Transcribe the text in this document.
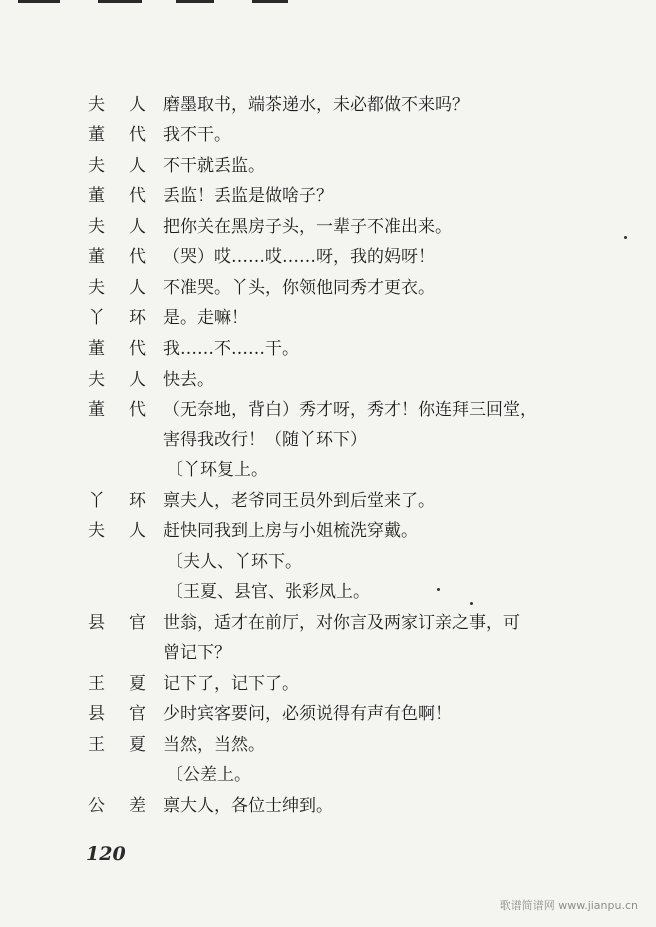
夫 人 磨墨取书，端茶递水，未必都做不来吗？
董 代 我不干。
夫 人 不干就丢监。
董 代 丢监！丢监是做啥子？
夫 人 把你关在黑房子头，一辈子不准出来。
董 代 （哭）哎……哎……呀，我的妈呀！
夫 人 不准哭。丫头，你领他同秀才更衣。
丫 环 是。走嘛！
董 代 我……不……干。
夫 人 快去。
董 代 （无奈地，背白）秀才呀，秀才！你连拜三回堂，
害得我改行！（随丫环下）
〔丫环复上。
丫 环 禀夫人，老爷同王员外到后堂来了。
夫 人 赶快同我到上房与小姐梳洗穿戴。
〔夫人、丫环下。
〔王夏、县官、张彩凤上。
县 官 世翁，适才在前厅，对你言及两家订亲之事，可
曾记下？
王 夏 记下了，记下了。
县 官 少时宾客要问，必须说得有声有色啊！
王 夏 当然，当然。
〔公差上。
公 差 禀大人，各位士绅到。
120
歌谱简谱网 www.jianpu.cn
